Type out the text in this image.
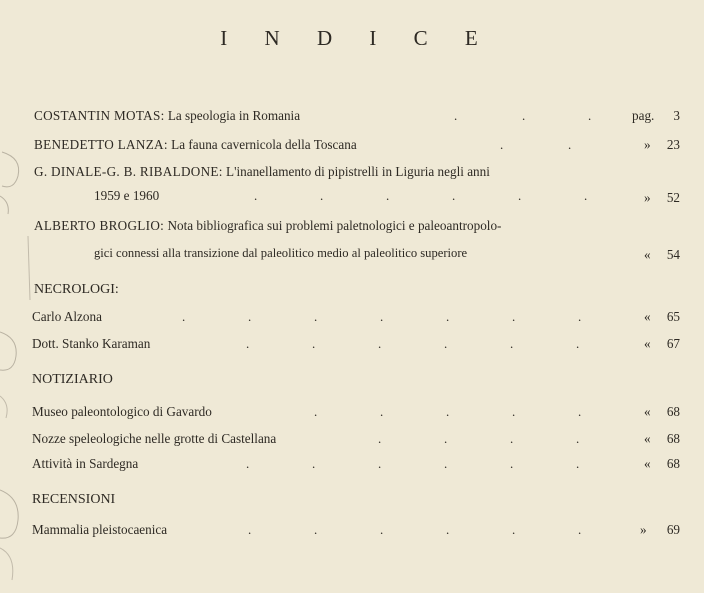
I N D I C E
COSTANTIN MOTAS: La speologia in Romania	.	.	.	pag. 3
BENEDETTO LANZA: La fauna cavernicola della Toscana	.	.	» 23
G. DINALE-G. B. RIBALDONE: L'inanellamento di pipistrelli in Liguria negli anni
1959 e 1960	.	.	.	.	.	.	» 52
ALBERTO BROGLIO: Nota bibliografica sui problemi paletnologici e paleoantropolo-
gici connessi alla transizione dal paleolitico medio al paleolitico superiore	« 54
NECROLOGI:
Carlo Alzona	.	.	.	.	.	.	.	« 65
Dott. Stanko Karaman	.	.	.	.	.	.	« 67
NOTIZIARIO
Museo paleontologico di Gavardo	.	.	.	.	.	« 68
Nozze speleologiche nelle grotte di Castellana	.	.	.	.	« 68
Attività in Sardegna	.	.	.	.	.	.	« 68
RECENSIONI
Mammalia pleistocaenica	.	.	.	.	.	.	» 69
